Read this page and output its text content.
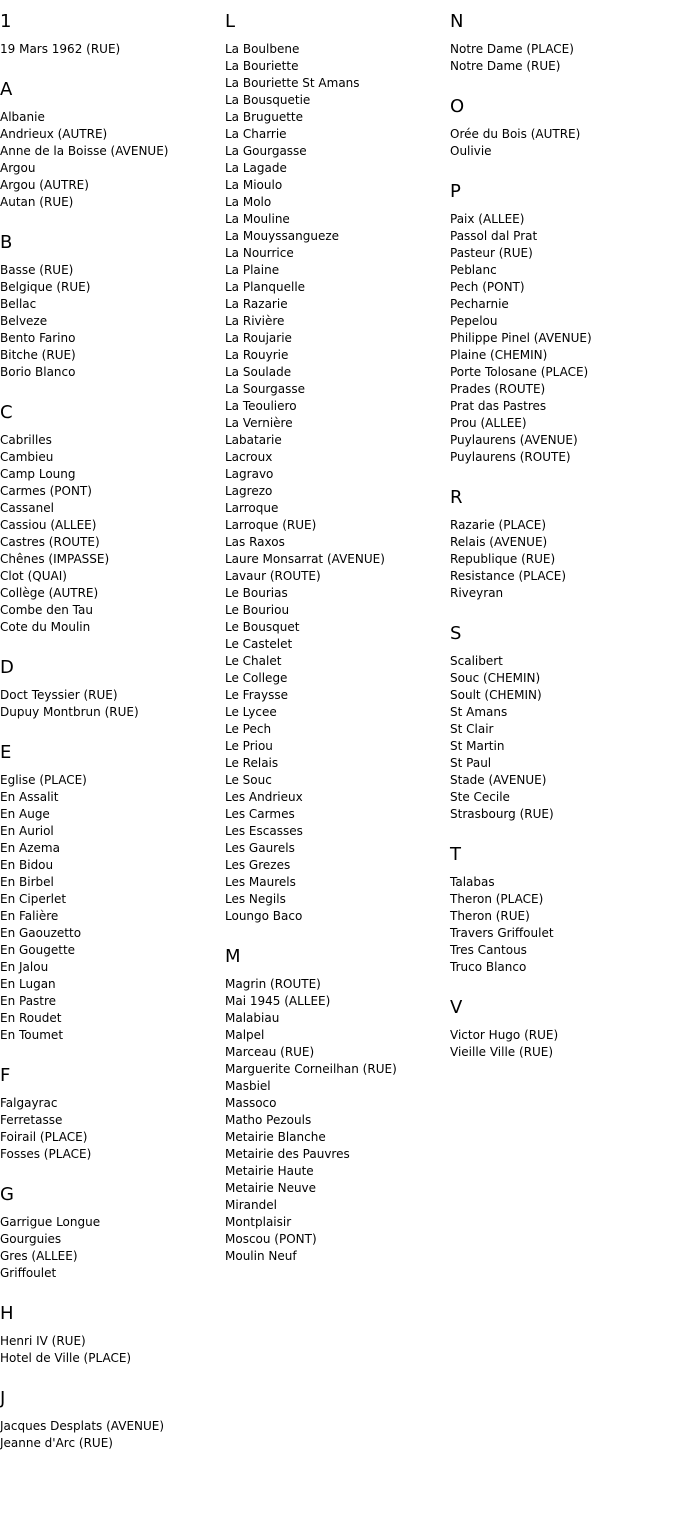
1
19 Mars 1962 (RUE)
A
Albanie
Andrieux (AUTRE)
Anne de la Boisse (AVENUE)
Argou
Argou (AUTRE)
Autan (RUE)
B
Basse (RUE)
Belgique (RUE)
Bellac
Belveze
Bento Farino
Bitche (RUE)
Borio Blanco
C
Cabrilles
Cambieu
Camp Loung
Carmes (PONT)
Cassanel
Cassiou (ALLEE)
Castres (ROUTE)
Chênes (IMPASSE)
Clot (QUAI)
Collège (AUTRE)
Combe den Tau
Cote du Moulin
D
Doct Teyssier (RUE)
Dupuy Montbrun (RUE)
E
Eglise (PLACE)
En Assalit
En Auge
En Auriol
En Azema
En Bidou
En Birbel
En Ciperlet
En Falière
En Gaouzetto
En Gougette
En Jalou
En Lugan
En Pastre
En Roudet
En Toumet
F
Falgayrac
Ferretasse
Foirail (PLACE)
Fosses (PLACE)
G
Garrigue Longue
Gourguies
Gres (ALLEE)
Griffoulet
H
Henri IV (RUE)
Hotel de Ville (PLACE)
J
Jacques Desplats (AVENUE)
Jeanne d'Arc (RUE)
L
La Boulbene
La Bouriette
La Bouriette St Amans
La Bousquetie
La Bruguette
La Charrie
La Gourgasse
La Lagade
La Mioulo
La Molo
La Mouline
La Mouyssangueze
La Nourrice
La Plaine
La Planquelle
La Razarie
La Rivière
La Roujarie
La Rouyrie
La Soulade
La Sourgasse
La Teouliero
La Vernière
Labatarie
Lacroux
Lagravo
Lagrezo
Larroque
Larroque (RUE)
Las Raxos
Laure Monsarrat (AVENUE)
Lavaur (ROUTE)
Le Bourias
Le Bouriou
Le Bousquet
Le Castelet
Le Chalet
Le College
Le Fraysse
Le Lycee
Le Pech
Le Priou
Le Relais
Le Souc
Les Andrieux
Les Carmes
Les Escasses
Les Gaurels
Les Grezes
Les Maurels
Les Negils
Loungo Baco
M
Magrin (ROUTE)
Mai 1945 (ALLEE)
Malabiau
Malpel
Marceau (RUE)
Marguerite Corneilhan (RUE)
Masbiel
Massoco
Matho Pezouls
Metairie Blanche
Metairie des Pauvres
Metairie Haute
Metairie Neuve
Mirandel
Montplaisir
Moscou (PONT)
Moulin Neuf
N
Notre Dame (PLACE)
Notre Dame (RUE)
O
Orée du Bois (AUTRE)
Oulivie
P
Paix (ALLEE)
Passol dal Prat
Pasteur (RUE)
Peblanc
Pech (PONT)
Pecharnie
Pepelou
Philippe Pinel (AVENUE)
Plaine (CHEMIN)
Porte Tolosane (PLACE)
Prades (ROUTE)
Prat das Pastres
Prou (ALLEE)
Puylaurens (AVENUE)
Puylaurens (ROUTE)
R
Razarie (PLACE)
Relais (AVENUE)
Republique (RUE)
Resistance (PLACE)
Riveyran
S
Scalibert
Souc (CHEMIN)
Soult (CHEMIN)
St Amans
St Clair
St Martin
St Paul
Stade (AVENUE)
Ste Cecile
Strasbourg (RUE)
T
Talabas
Theron (PLACE)
Theron (RUE)
Travers Griffoulet
Tres Cantous
Truco Blanco
V
Victor Hugo (RUE)
Vieille Ville (RUE)
